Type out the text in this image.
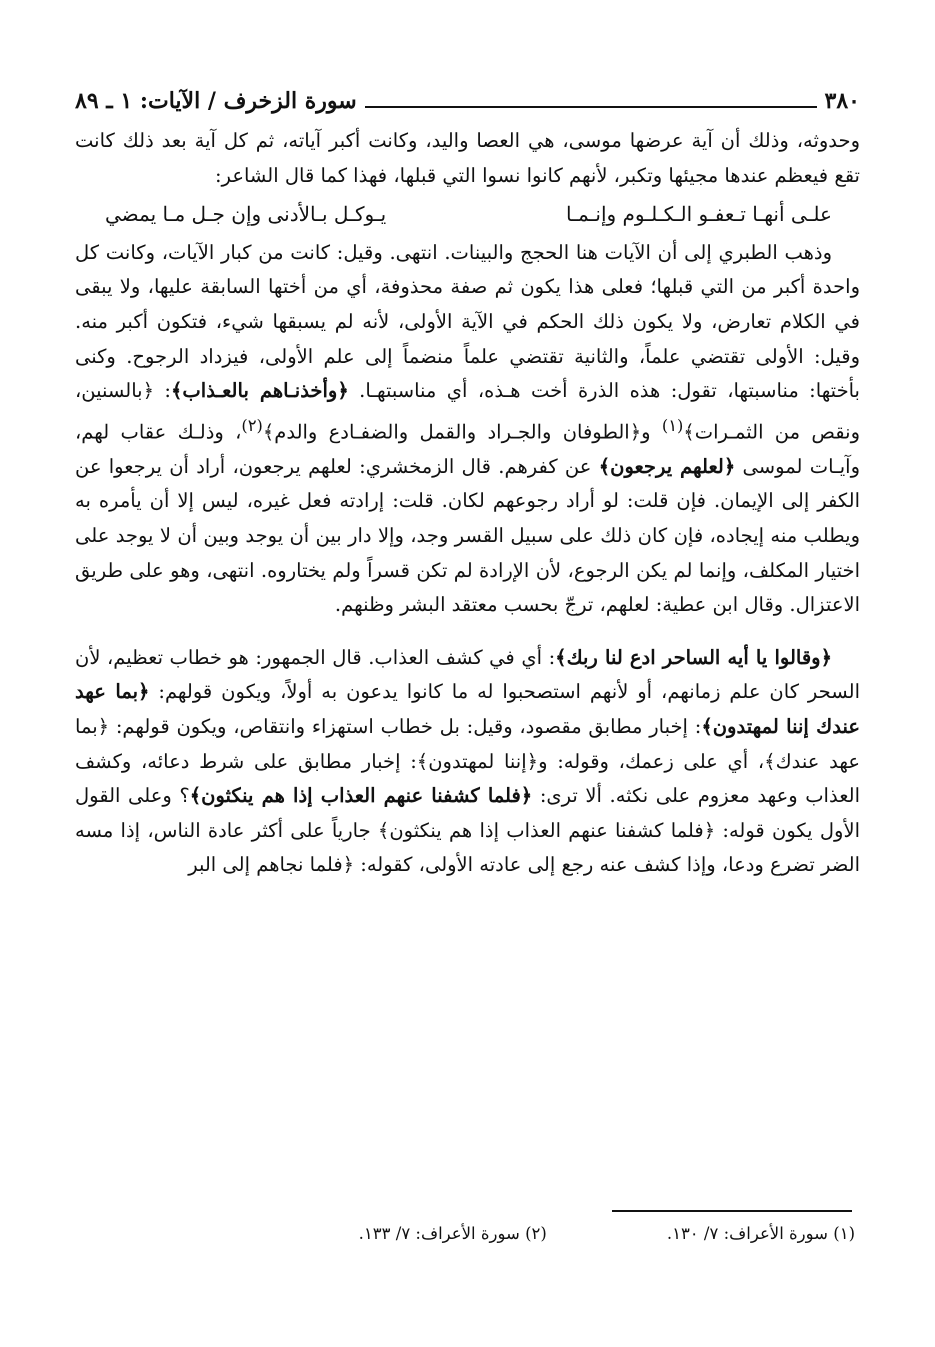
٣٨٠
سورة الزخرف / الآيات: ١ ـ ٨٩

وحدوثه، وذلك أن آية عرضها موسى، هي العصا واليد، وكانت أكبر آياته، ثم كل آية بعد ذلك كانت تقع فيعظم عندها مجيئها وتكبر، لأنهم كانوا نسوا التي قبلها، فهذا كما قال الشاعر:

علـى أنهـا تـعفـو الـكـلـوم وإنـمـا
يـوكـل بـالأدنى وإن جـل مـا يمضي

وذهب الطبري إلى أن الآيات هنا الحجج والبينات. انتهى. وقيل: كانت من كبار الآيات، وكانت كل واحدة أكبر من التي قبلها؛ فعلى هذا يكون ثم صفة محذوفة، أي من أختها السابقة عليها، ولا يبقى في الكلام تعارض، ولا يكون ذلك الحكم في الآية الأولى، لأنه لم يسبقها شيء، فتكون أكبر منه. وقيل: الأولى تقتضي علماً، والثانية تقتضي علماً منضماً إلى علم الأولى، فيزداد الرجوح. وكنى بأختها: مناسبتها، تقول: هذه الذرة أخت هـذه، أي مناسبتهـا. ﴿وأخذنـاهم بالعـذاب﴾: ﴿بالسنين، ونقص من الثمـرات﴾$^{(١)}$ و﴿الطوفان والجـراد والقمل والضفـادع والدم﴾$^{(٢)}$، وذلـك عقاب لهم، وآيـات لموسى ﴿لعلهم يرجعون﴾ عن كفرهم. قال الزمخشري: لعلهم يرجعون، أراد أن يرجعوا عن الكفر إلى الإيمان. فإن قلت: لو أراد رجوعهم لكان. قلت: إرادته فعل غيره، ليس إلا أن يأمره به ويطلب منه إيجاده، فإن كان ذلك على سبيل القسر وجد، وإلا دار بين أن يوجد وبين أن لا يوجد على اختيار المكلف، وإنما لم يكن الرجوع، لأن الإرادة لم تكن قسراً ولم يختاروه. انتهى، وهو على طريق الاعتزال. وقال ابن عطية: لعلهم، ترجّ بحسب معتقد البشر وظنهم.

﴿وقالوا يا أيه الساحر ادع لنا ربك﴾: أي في كشف العذاب. قال الجمهور: هو خطاب تعظيم، لأن السحر كان علم زمانهم، أو لأنهم استصحبوا له ما كانوا يدعون به أولاً، ويكون قولهم: ﴿بما عهد عندك إننا لمهتدون﴾: إخبار مطابق مقصود، وقيل: بل خطاب استهزاء وانتقاص، ويكون قولهم: ﴿بما عهد عندك﴾، أي على زعمك، وقوله: و﴿إننا لمهتدون﴾: إخبار مطابق على شرط دعائه، وكشف العذاب وعهد معزوم على نكثه. ألا ترى: ﴿فلما كشفنا عنهم العذاب إذا هم ينكثون﴾؟ وعلى القول الأول يكون قوله: ﴿فلما كشفنا عنهم العذاب إذا هم ينكثون﴾ جارياً على أكثر عادة الناس، إذا مسه الضر تضرع ودعا، وإذا كشف عنه رجع إلى عادته الأولى، كقوله: ﴿فلما نجاهم إلى البر

(١) سورة الأعراف: ٧/ ١٣٠.
(٢) سورة الأعراف: ٧/ ١٣٣.
